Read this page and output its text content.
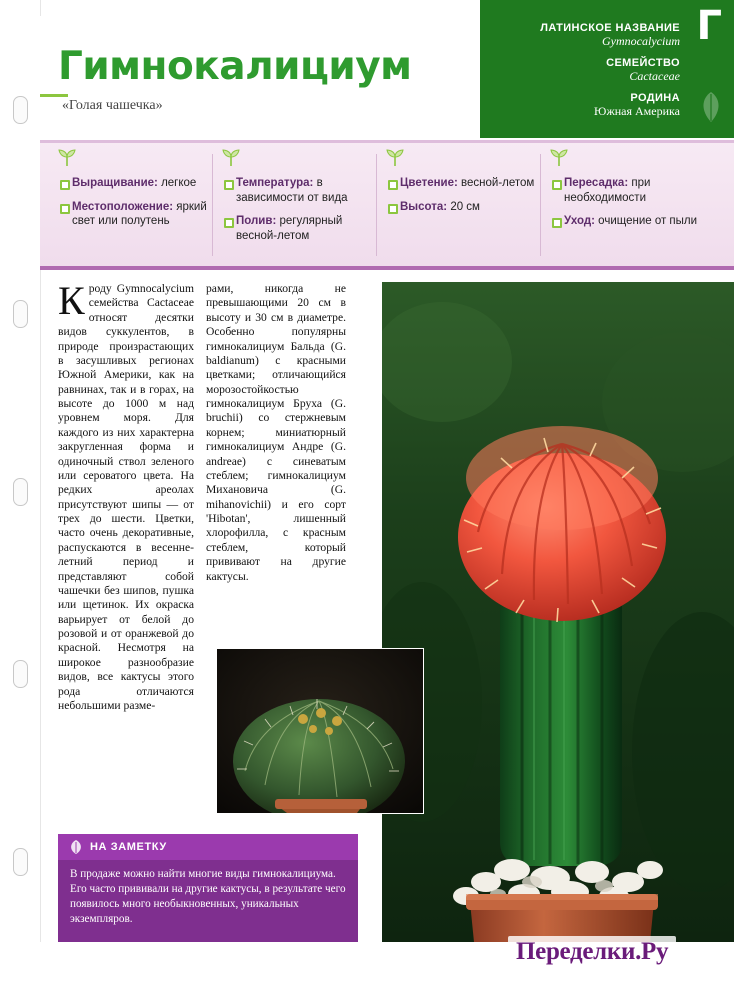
Гимнокалициум
«Голая чашечка»
ЛАТИНСКОЕ НАЗВАНИЕ
Gymnocalycium
СЕМЕЙСТВО
Cactaceae
РОДИНА
Южная Америка
Г
Выращивание: легкое
Местоположение: яркий свет или полутень
Температура: в зависимости от вида
Полив: регулярный весной-летом
Цветение: весной-летом
Высота: 20 см
Пересадка: при необходимости
Уход: очищение от пыли
К роду Gymnocalycium семейства Cactaceae относят десятки видов суккулентов, в природе произрастающих в засушливых регионах Южной Америки, как на равнинах, так и в горах, на высоте до 1000 м над уровнем моря. Для каждого из них характерна закругленная форма и одиночный ствол зеленого или сероватого цвета. На редких ареолах присутствуют шипы — от трех до шести. Цветки, часто очень декоративные, распускаются в весенне-летний период и представляют собой чашечки без шипов, пушка или щетинок. Их окраска варьирует от белой до розовой и от оранжевой до красной. Несмотря на широкое разнообразие видов, все кактусы этого рода отличаются небольшими разме-
рами, никогда не превышающими 20 см в высоту и 30 см в диаметре. Особенно популярны гимнокалициум Бальда (G. baldianum) с красными цветками; отличающийся морозостойкостью гимнокалициум Бруха (G. bruchii) со стержневым корнем; миниатюрный гимнокалициум Андре (G. andreae) с синеватым стеблем; гимнокалициум Михановича (G. mihanovichii) и его сорт 'Hibotan', лишенный хлорофилла, с красным стеблем, который прививают на другие кактусы.
НА ЗАМЕТКУ
В продаже можно найти многие виды гимнокалициума. Его часто прививали на другие кактусы, в результате чего появилось много необыкновенных, уникальных экземпляров.
Переделки.Ру
